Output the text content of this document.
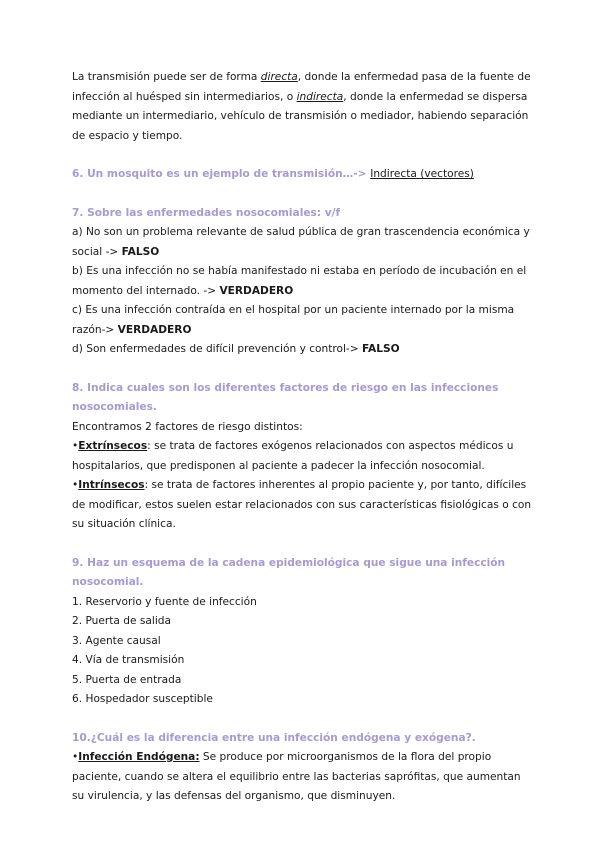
La transmisión puede ser de forma directa, donde la enfermedad pasa de la fuente de infección al huésped sin intermediarios, o indirecta, donde la enfermedad se dispersa mediante un intermediario, vehículo de transmisión o mediador, habiendo separación de espacio y tiempo.

6. Un mosquito es un ejemplo de transmisión…-> Indirecta (vectores)

7. Sobre las enfermedades nosocomiales: v/f

a) No son un problema relevante de salud pública de gran trascendencia económica y social -> FALSO

b) Es una infección no se había manifestado ni estaba en período de incubación en el momento del internado. -> VERDADERO

c) Es una infección contraída en el hospital por un paciente internado por la misma razón-> VERDADERO

d) Son enfermedades de difícil prevención y control-> FALSO

8. Indica cuales son los diferentes factores de riesgo en las infecciones nosocomiales.

Encontramos 2 factores de riesgo distintos:

•Extrínsecos: se trata de factores exógenos relacionados con aspectos médicos u hospitalarios, que predisponen al paciente a padecer la infección nosocomial.

•Intrínsecos: se trata de factores inherentes al propio paciente y, por tanto, difíciles de modificar, estos suelen estar relacionados con sus características fisiológicas o con su situación clínica.

9. Haz un esquema de la cadena epidemiológica que sigue una infección nosocomial.

1. Reservorio y fuente de infección

2. Puerta de salida

3. Agente causal

4. Vía de transmisión

5. Puerta de entrada

6. Hospedador susceptible

10.¿Cuál es la diferencia entre una infección endógena y exógena?.

•Infección Endógena: Se produce por microorganismos de la flora del propio paciente, cuando se altera el equilibrio entre las bacterias saprófitas, que aumentan su virulencia, y las defensas del organismo, que disminuyen.
